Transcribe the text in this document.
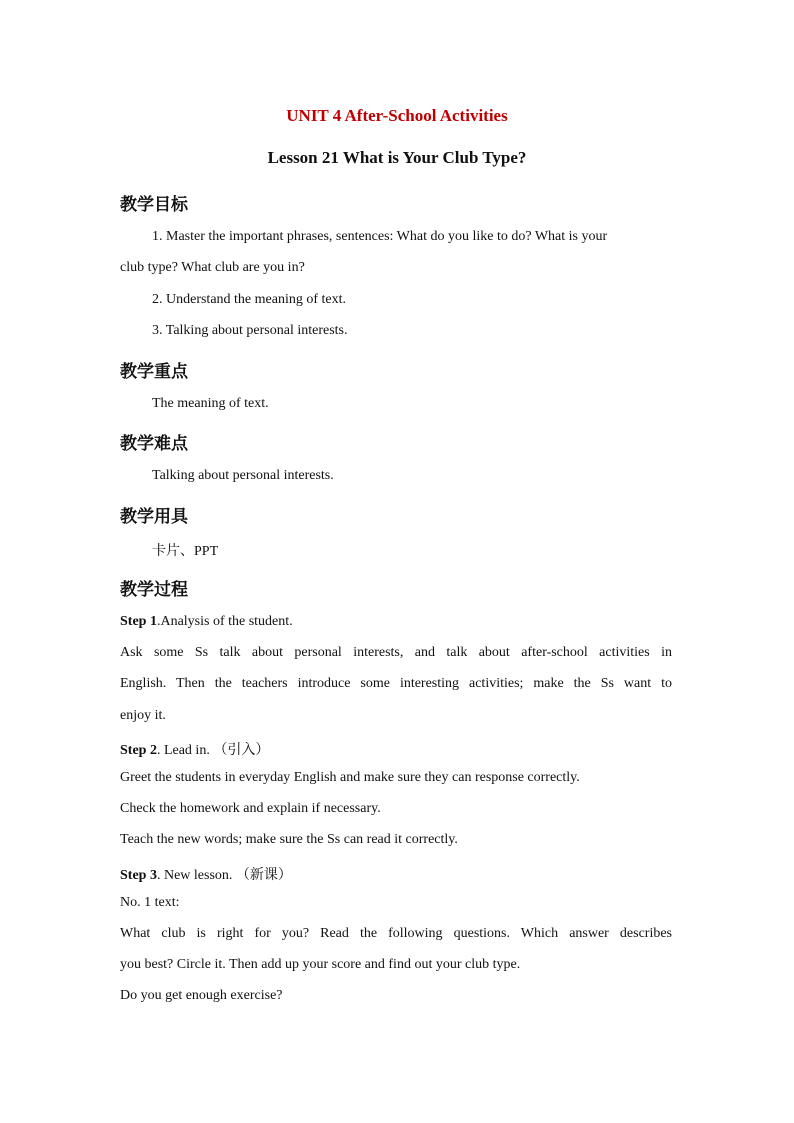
UNIT 4 After-School Activities
Lesson 21 What is Your Club Type?
教学目标
1. Master the important phrases, sentences: What do you like to do? What is your
club type? What club are you in?
2. Understand the meaning of text.
3. Talking about personal interests.
教学重点
The meaning of text.
教学难点
Talking about personal interests.
教学用具
卡片、PPT
教学过程
Step 1.Analysis of the student.
Ask some Ss talk about personal interests, and talk about after-school activities in
English. Then the teachers introduce some interesting activities; make the Ss want to
enjoy it.
Step 2. Lead in. （引入）
Greet the students in everyday English and make sure they can response correctly.
Check the homework and explain if necessary.
Teach the new words; make sure the Ss can read it correctly.
Step 3. New lesson. （新课）
No. 1 text:
What club is right for you? Read the following questions. Which answer describes
you best? Circle it. Then add up your score and find out your club type.
Do you get enough exercise?
